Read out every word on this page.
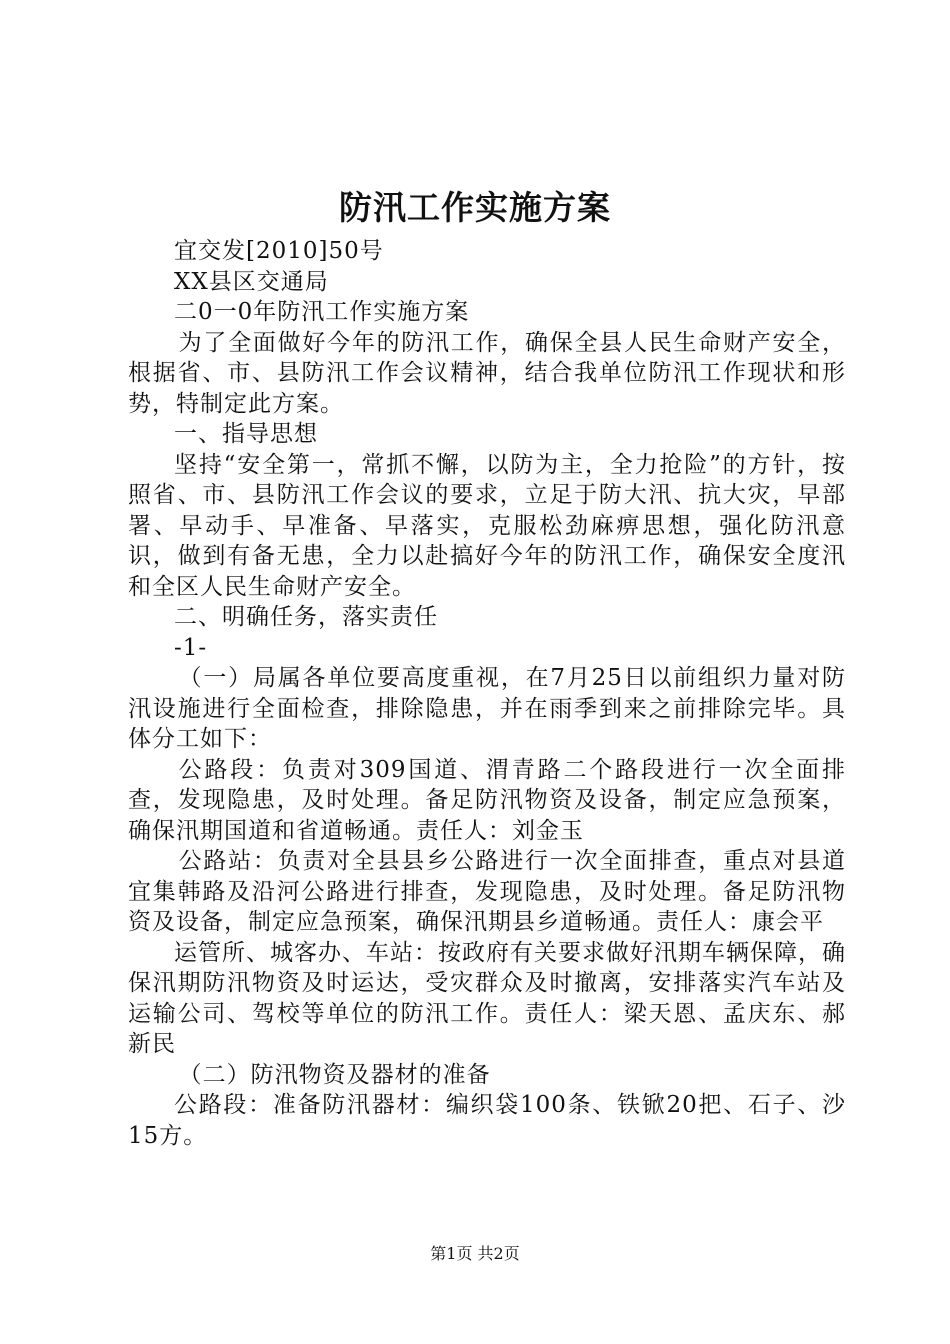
防汛工作实施方案

宜交发[2010]50号

XX县区交通局

二0一0年防汛工作实施方案

为了全面做好今年的防汛工作，确保全县人民生命财产安全，根据省、市、县防汛工作会议精神，结合我单位防汛工作现状和形势，特制定此方案。

一、指导思想

坚持“安全第一，常抓不懈，以防为主，全力抢险”的方针，按照省、市、县防汛工作会议的要求，立足于防大汛、抗大灾，早部署、早动手、早准备、早落实，克服松劲麻痹思想，强化防汛意识，做到有备无患，全力以赴搞好今年的防汛工作，确保安全度汛和全区人民生命财产安全。

二、明确任务，落实责任

-1-

（一）局属各单位要高度重视，在7月25日以前组织力量对防汛设施进行全面检查，排除隐患，并在雨季到来之前排除完毕。具体分工如下：

公路段：负责对309国道、渭青路二个路段进行一次全面排查，发现隐患，及时处理。备足防汛物资及设备，制定应急预案，确保汛期国道和省道畅通。责任人：刘金玉

公路站：负责对全县县乡公路进行一次全面排查，重点对县道宜集韩路及沿河公路进行排查，发现隐患，及时处理。备足防汛物资及设备，制定应急预案，确保汛期县乡道畅通。责任人：康会平

运管所、城客办、车站：按政府有关要求做好汛期车辆保障，确保汛期防汛物资及时运达，受灾群众及时撤离，安排落实汽车站及运输公司、驾校等单位的防汛工作。责任人：梁天恩、孟庆东、郝新民

（二）防汛物资及器材的准备

公路段：准备防汛器材：编织袋100条、铁锨20把、石子、沙15方。

第1页 共2页
